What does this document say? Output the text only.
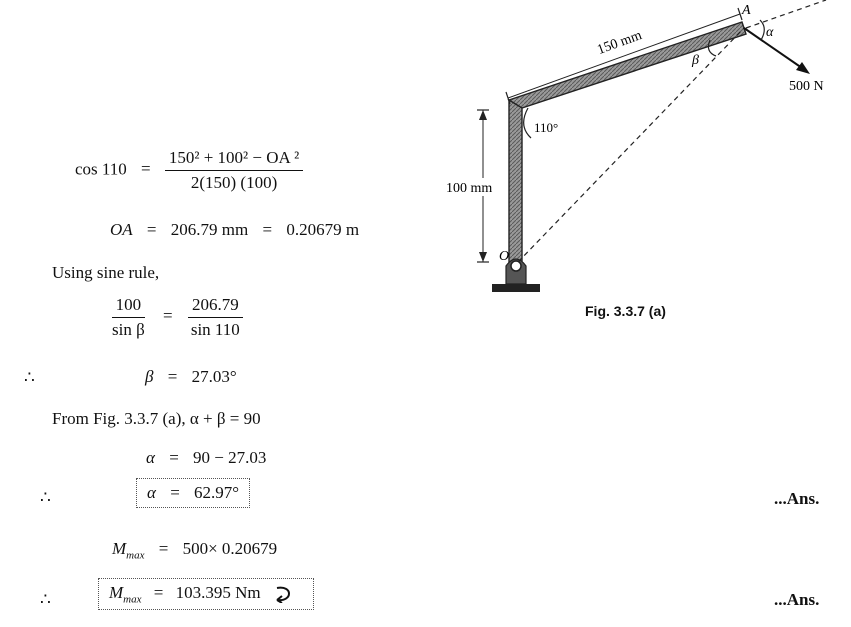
$\cos 110 = \frac{\text{150² + 100² − OA ²}}{2(150) (100)}$
OA = 206.79 mm = 0.20679 m
Using sine rule,
$\frac{100}{\text{sin β}} = \frac{206.79}{\sin 110}$
∴	β = 27.03°
From Fig. 3.3.7 (a), α + β = 90
α = 90 − 27.03
∴	α = 62.97°	...Ans.
$M_{max} = 500\times 0.20679$
∴	$M_{max} = 103.395$ Nm	...Ans.
150 mm
100 mm
110°
β
α
A
O
500 N
Fig. 3.3.7 (a)
